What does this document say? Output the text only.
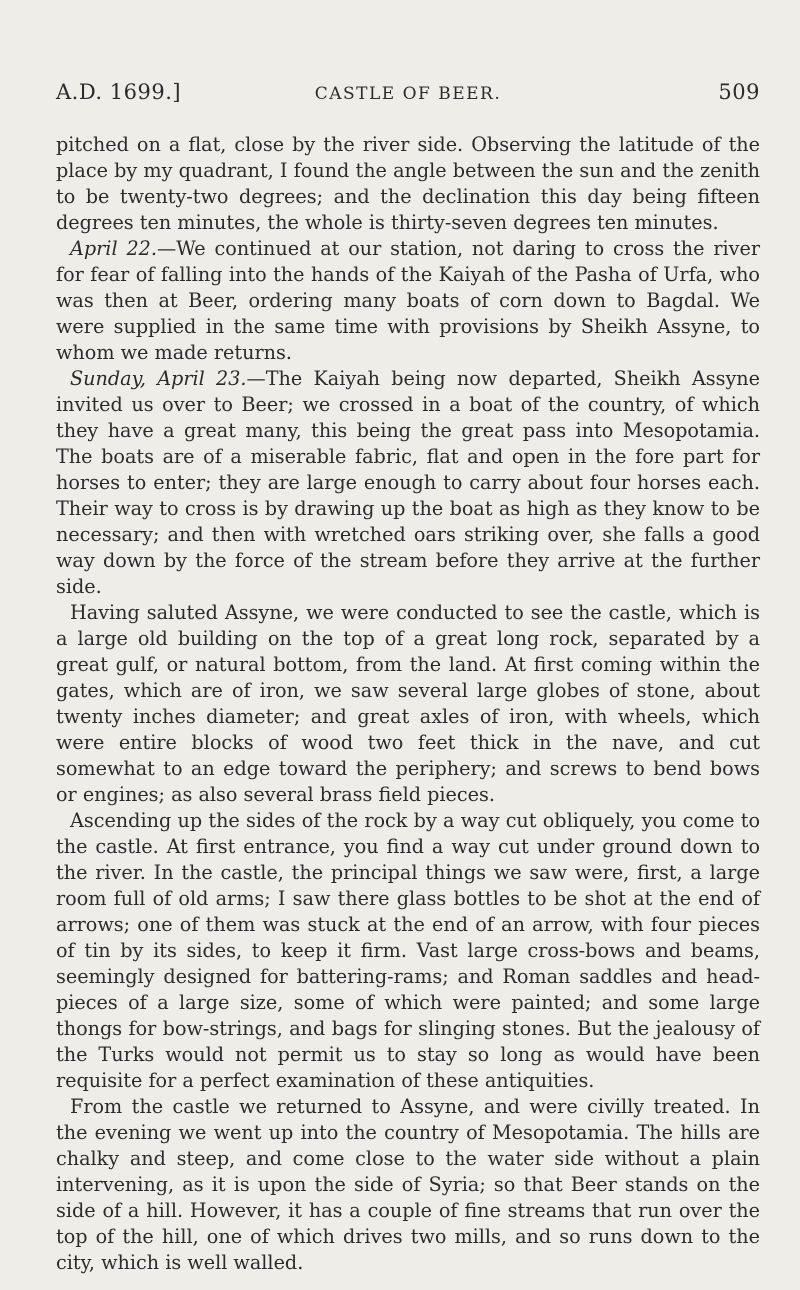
A.D. 1699.]	CASTLE OF BEER.	509

pitched on a flat, close by the river side. Observing the latitude of the place by my quadrant, I found the angle between the sun and the zenith to be twenty-two degrees; and the declination this day being fifteen degrees ten minutes, the whole is thirty-seven degrees ten minutes.

April 22.—We continued at our station, not daring to cross the river for fear of falling into the hands of the Kaiyah of the Pasha of Urfa, who was then at Beer, ordering many boats of corn down to Bagdal. We were supplied in the same time with provisions by Sheikh Assyne, to whom we made returns.

Sunday, April 23.—The Kaiyah being now departed, Sheikh Assyne invited us over to Beer; we crossed in a boat of the country, of which they have a great many, this being the great pass into Mesopotamia. The boats are of a miserable fabric, flat and open in the fore part for horses to enter; they are large enough to carry about four horses each. Their way to cross is by drawing up the boat as high as they know to be necessary; and then with wretched oars striking over, she falls a good way down by the force of the stream before they arrive at the further side.

Having saluted Assyne, we were conducted to see the castle, which is a large old building on the top of a great long rock, separated by a great gulf, or natural bottom, from the land. At first coming within the gates, which are of iron, we saw several large globes of stone, about twenty inches diameter; and great axles of iron, with wheels, which were entire blocks of wood two feet thick in the nave, and cut somewhat to an edge toward the periphery; and screws to bend bows or engines; as also several brass field pieces.

Ascending up the sides of the rock by a way cut obliquely, you come to the castle. At first entrance, you find a way cut under ground down to the river. In the castle, the principal things we saw were, first, a large room full of old arms; I saw there glass bottles to be shot at the end of arrows; one of them was stuck at the end of an arrow, with four pieces of tin by its sides, to keep it firm. Vast large cross-bows and beams, seemingly designed for battering-rams; and Roman saddles and head-pieces of a large size, some of which were painted; and some large thongs for bow-strings, and bags for slinging stones. But the jealousy of the Turks would not permit us to stay so long as would have been requisite for a perfect examination of these antiquities.

From the castle we returned to Assyne, and were civilly treated. In the evening we went up into the country of Mesopotamia. The hills are chalky and steep, and come close to the water side without a plain intervening, as it is upon the side of Syria; so that Beer stands on the side of a hill. However, it has a couple of fine streams that run over the top of the hill, one of which drives two mills, and so runs down to the city, which is well walled.
